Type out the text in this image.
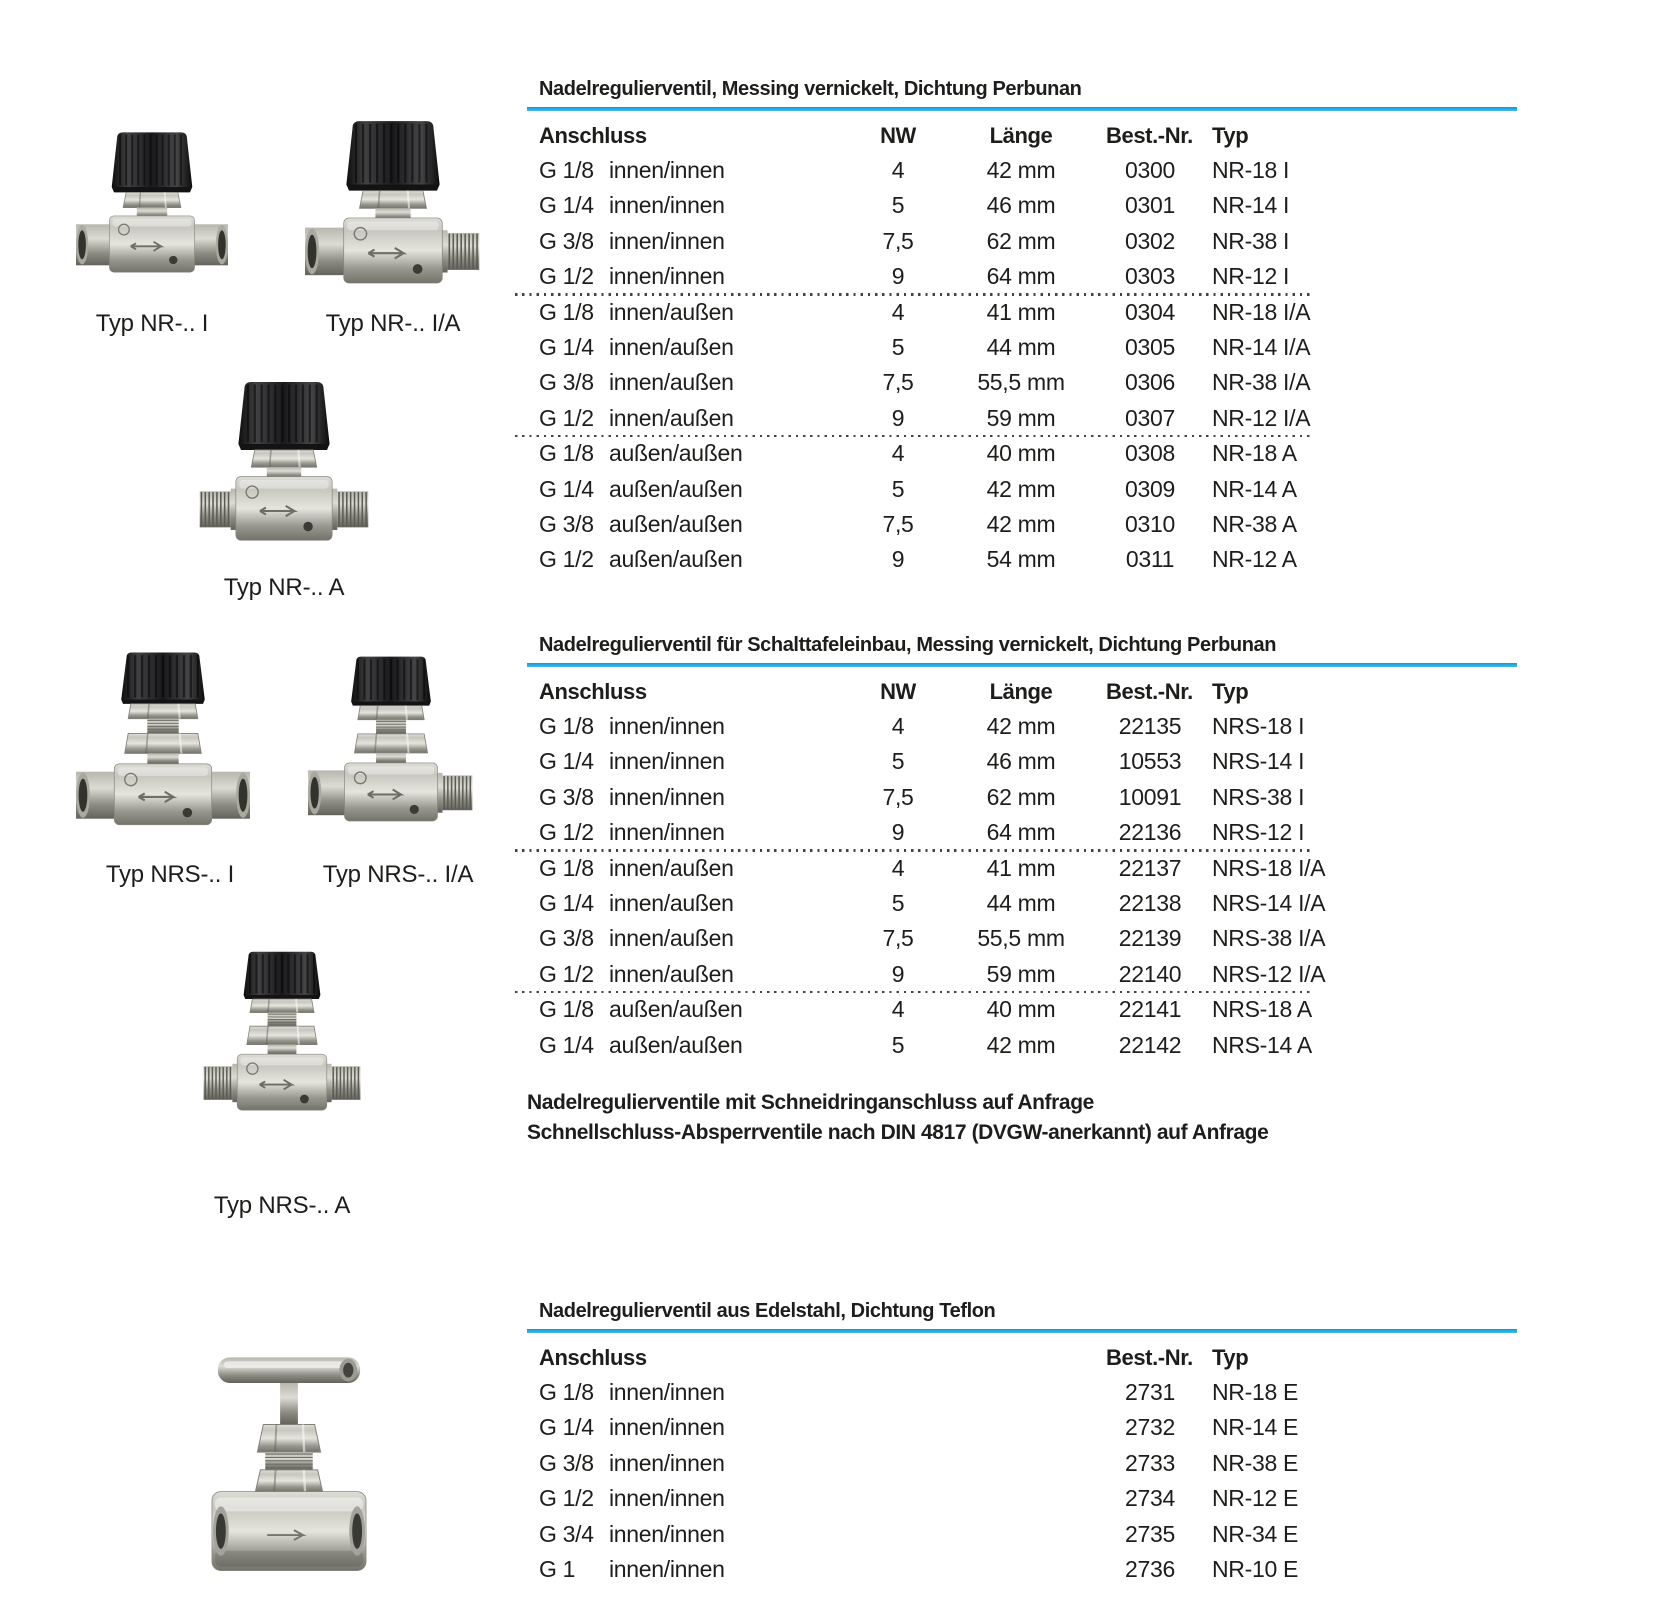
Typ NR-.. I	Typ NR-.. I/A
Typ NR-.. A
Typ NRS-.. I	Typ NRS-.. I/A
Typ NRS-.. A
Nadelregulierventil, Messing vernickelt, Dichtung Perbunan
Anschluss	NW	Länge	Best.-Nr. Typ
G 1/8 innen/innen	4	42 mm	0300	NR-18 I
G 1/4 innen/innen	5	46 mm	0301	NR-14 I
G 3/8 innen/innen	7,5	62 mm	0302	NR-38 I
G 1/2 innen/innen	9	64 mm	0303	NR-12 I
G 1/8 innen/außen	4	41 mm	0304	NR-18 I/A
G 1/4 innen/außen	5	44 mm	0305	NR-14 I/A
G 3/8 innen/außen	7,5	55,5 mm	0306	NR-38 I/A
G 1/2 innen/außen	9	59 mm	0307	NR-12 I/A
G 1/8 außen/außen	4	40 mm	0308	NR-18 A
G 1/4 außen/außen	5	42 mm	0309	NR-14 A
G 3/8 außen/außen	7,5	42 mm	0310	NR-38 A
G 1/2 außen/außen	9	54 mm	0311	NR-12 A
Nadelregulierventil für Schalttafeleinbau, Messing vernickelt, Dichtung Perbunan
Anschluss	NW	Länge	Best.-Nr. Typ
G 1/8 innen/innen	4	42 mm	22135	NRS-18 I
G 1/4 innen/innen	5	46 mm	10553	NRS-14 I
G 3/8 innen/innen	7,5	62 mm	10091	NRS-38 I
G 1/2 innen/innen	9	64 mm	22136	NRS-12 I
G 1/8 innen/außen	4	41 mm	22137	NRS-18 I/A
G 1/4 innen/außen	5	44 mm	22138	NRS-14 I/A
G 3/8 innen/außen	7,5	55,5 mm	22139	NRS-38 I/A
G 1/2 innen/außen	9	59 mm	22140	NRS-12 I/A
G 1/8 außen/außen	4	40 mm	22141	NRS-18 A
G 1/4 außen/außen	5	42 mm	22142	NRS-14 A
Nadelregulierventile mit Schneidringanschluss auf Anfrage
Schnellschluss-Absperrventile nach DIN 4817 (DVGW-anerkannt) auf Anfrage
Nadelregulierventil aus Edelstahl, Dichtung Teflon
Anschluss	Best.-Nr. Typ
G 1/8 innen/innen	2731	NR-18 E
G 1/4 innen/innen	2732	NR-14 E
G 3/8 innen/innen	2733	NR-38 E
G 1/2 innen/innen	2734	NR-12 E
G 3/4 innen/innen	2735	NR-34 E
G 1	innen/innen	2736	NR-10 E
